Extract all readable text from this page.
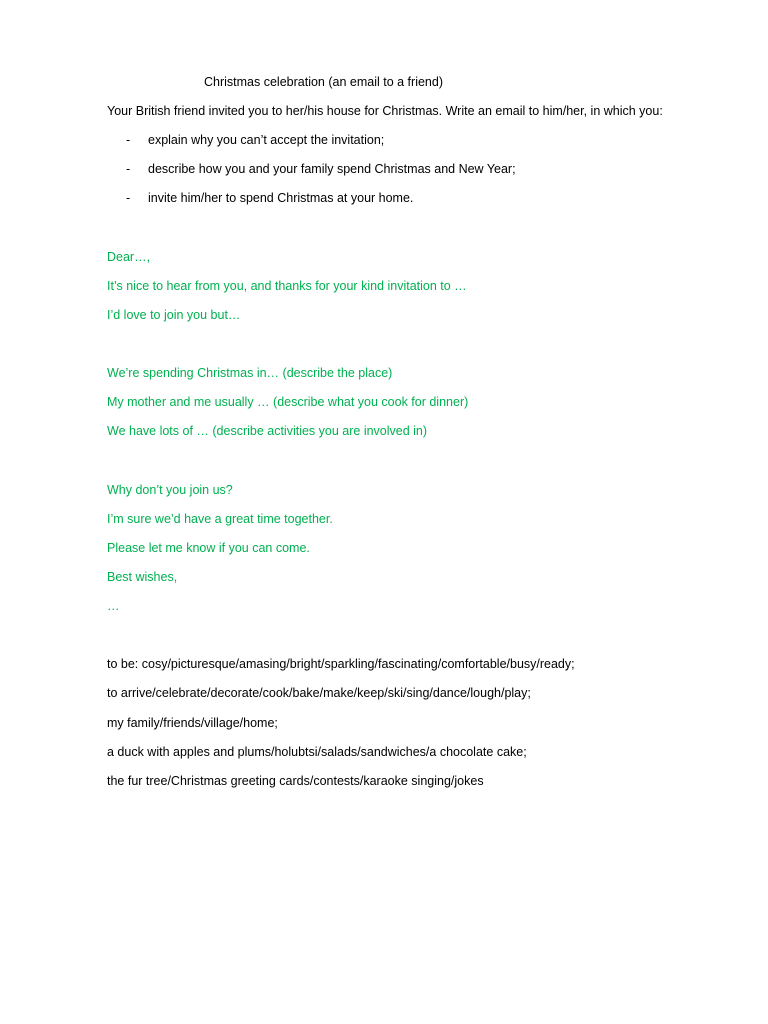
Christmas celebration (an email to a friend)
Your British friend invited you to her/his house for Christmas. Write an email to him/her, in which you:
- explain why you can’t accept the invitation;
- describe how you and your family spend Christmas and New Year;
- invite him/her to spend Christmas at your home.
Dear…,
It’s nice to hear from you, and thanks for your kind invitation to …
I’d love to join you but…
We’re spending Christmas in… (describe the place)
My mother and me usually … (describe what you cook for dinner)
We have lots of … (describe activities you are involved in)
Why don’t you join us?
I’m sure we’d have a great time together.
Please let me know if you can come.
Best wishes,
…
to be: cosy/picturesque/amasing/bright/sparkling/fascinating/comfortable/busy/ready;
to arrive/celebrate/decorate/cook/bake/make/keep/ski/sing/dance/lough/play;
my family/friends/village/home;
a duck with apples and plums/holubtsi/salads/sandwiches/a chocolate cake;
the fur tree/Christmas greeting cards/contests/karaoke singing/jokes
